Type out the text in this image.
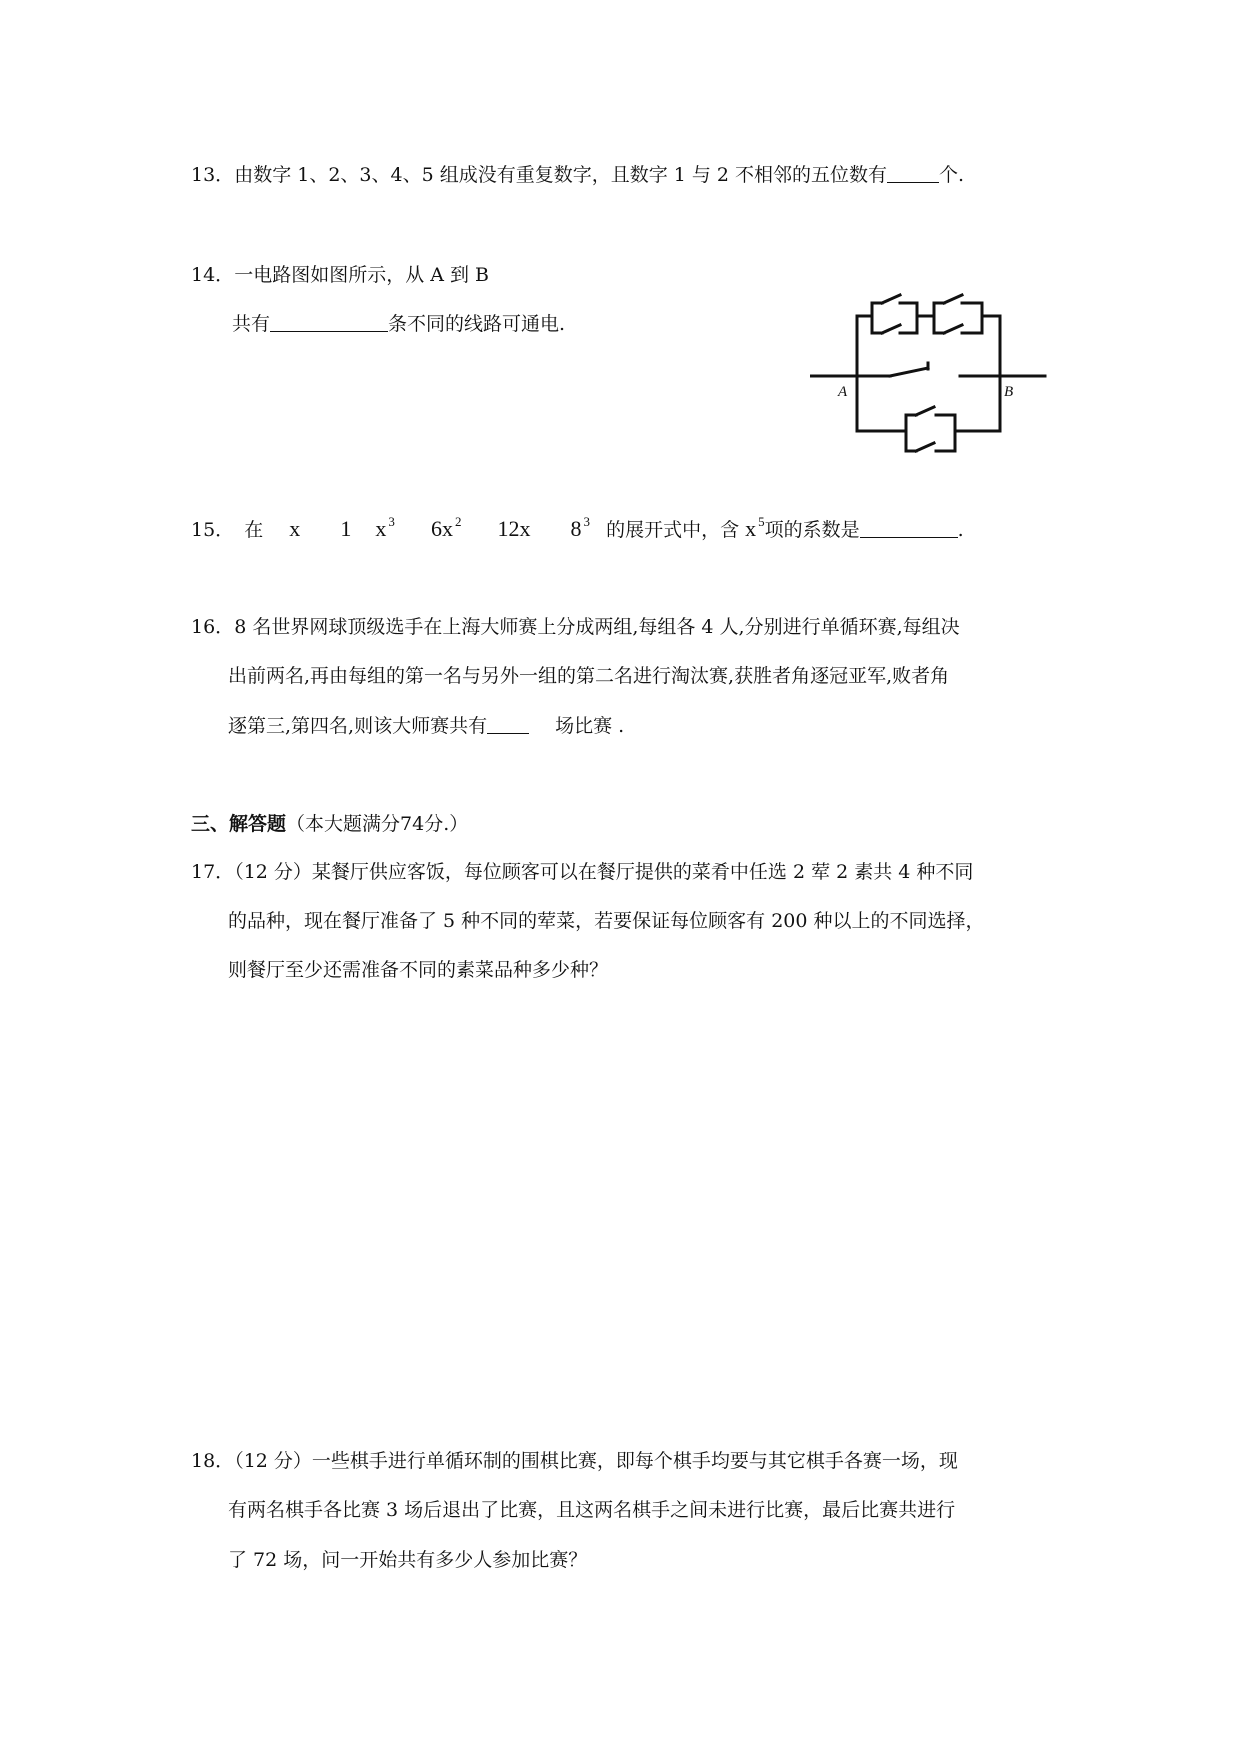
13．由数字 1、2、3、4、5 组成没有重复数字，且数字 1 与 2 不相邻的五位数有	个.
14．一电路图如图所示，从 A 到 B
共有	条不同的线路可通电.
A	B
15． 在 x 1 x $^3$ 6x $^2$ 12x 8 $^3$ 的展开式中，含 x $^5$项的系数是	.
16．8 名世界网球顶级选手在上海大师赛上分成两组,每组各 4 人,分别进行单循环赛,每组决
出前两名,再由每组的第一名与另外一组的第二名进行淘汰赛,获胜者角逐冠亚军,败者角
逐第三,第四名,则该大师赛共有	场比赛 .
三、解答题（本大题满分74分.）
17．（12 分）某餐厅供应客饭，每位顾客可以在餐厅提供的菜肴中任选 2 荤 2 素共 4 种不同
的品种，现在餐厅准备了 5 种不同的荤菜，若要保证每位顾客有 200 种以上的不同选择，
则餐厅至少还需准备不同的素菜品种多少种？
18．（12 分）一些棋手进行单循环制的围棋比赛，即每个棋手均要与其它棋手各赛一场，现
有两名棋手各比赛 3 场后退出了比赛，且这两名棋手之间未进行比赛，最后比赛共进行
了 72 场，问一开始共有多少人参加比赛？
